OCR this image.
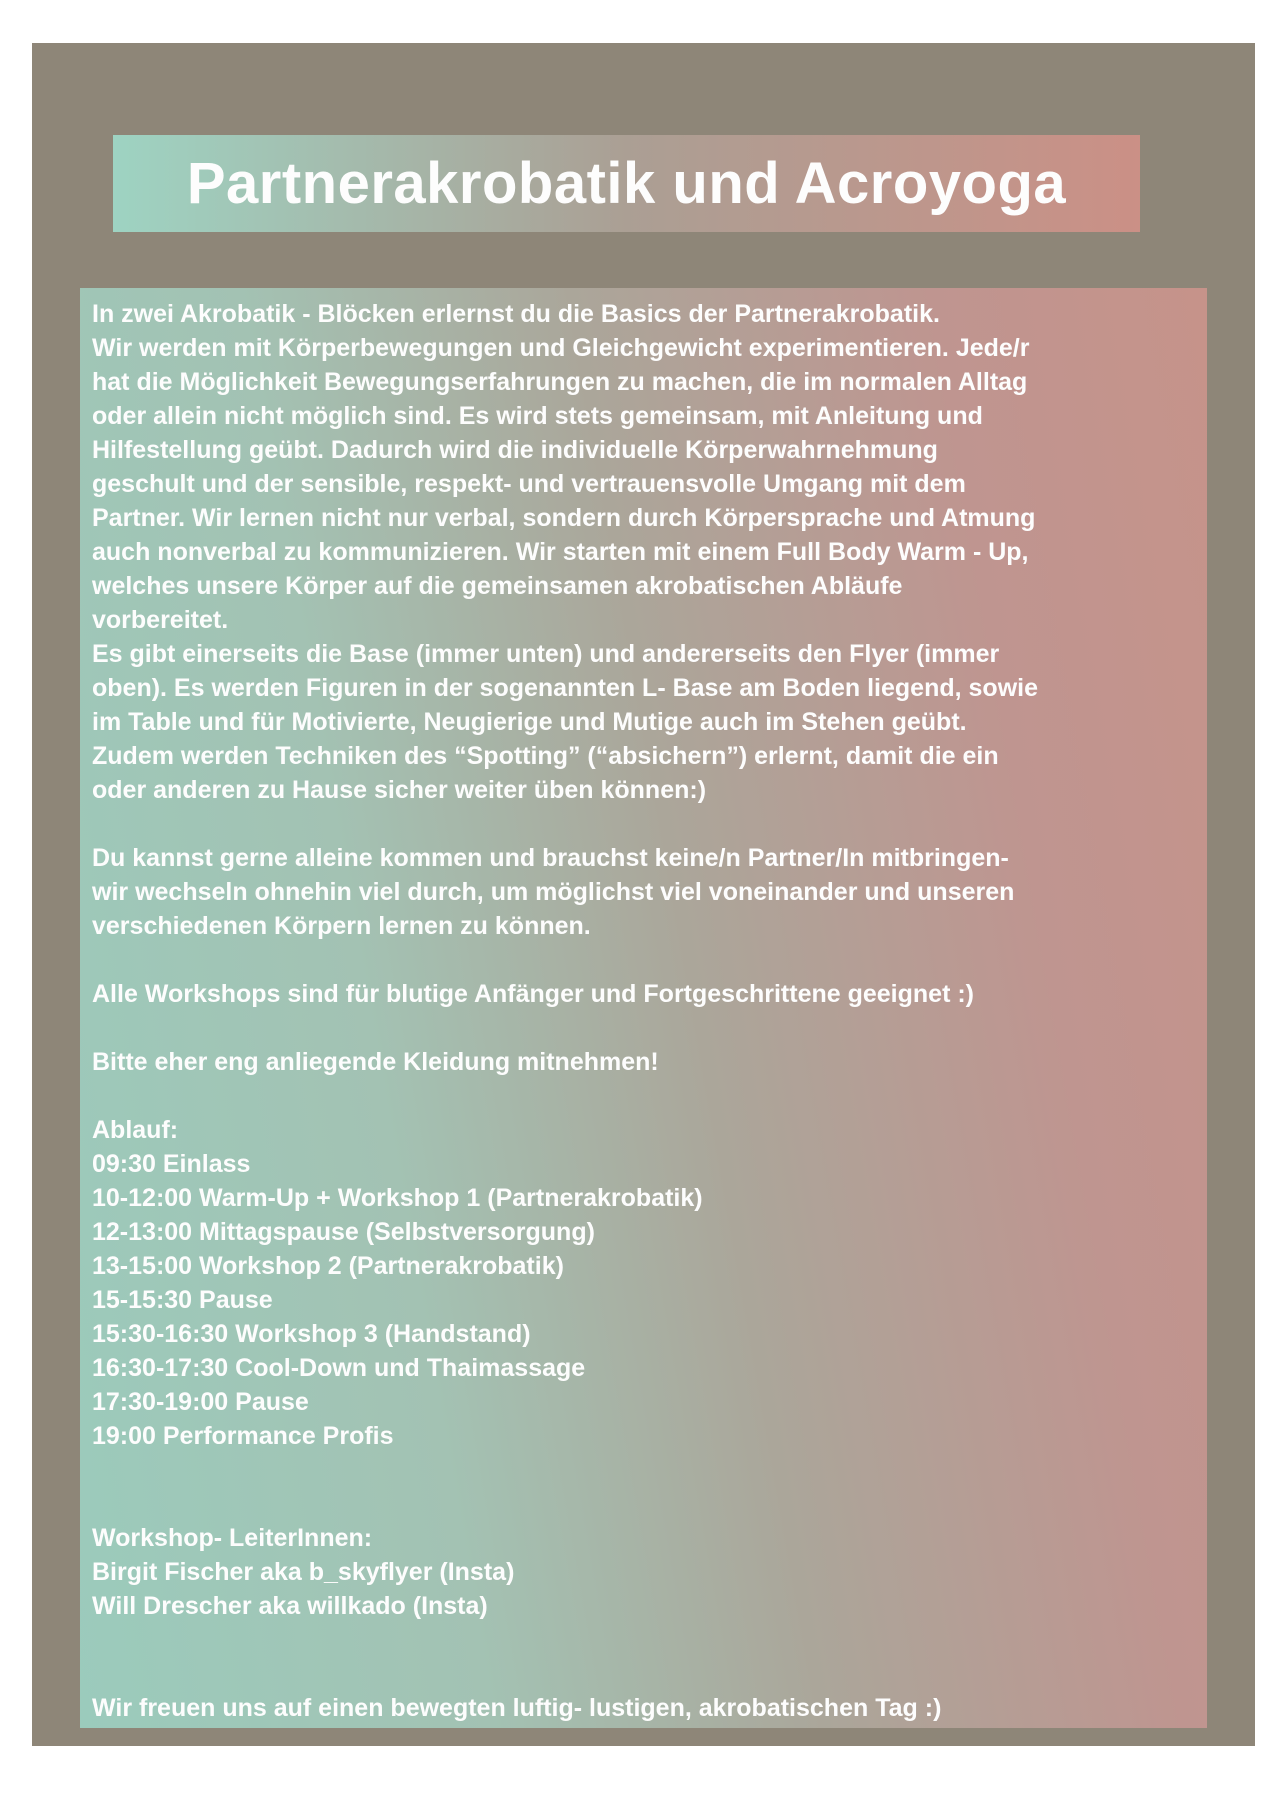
Partnerakrobatik und Acroyoga
In zwei Akrobatik - Blöcken erlernst du die Basics der Partnerakrobatik.
Wir werden mit Körperbewegungen und Gleichgewicht experimentieren. Jede/r
hat die Möglichkeit Bewegungserfahrungen zu machen, die im normalen Alltag
oder allein nicht möglich sind. Es wird stets gemeinsam, mit Anleitung und
Hilfestellung geübt. Dadurch wird die individuelle Körperwahrnehmung
geschult und der sensible, respekt- und vertrauensvolle Umgang mit dem
Partner. Wir lernen nicht nur verbal, sondern durch Körpersprache und Atmung
auch nonverbal zu kommunizieren. Wir starten mit einem Full Body Warm - Up,
welches unsere Körper auf die gemeinsamen akrobatischen Abläufe
vorbereitet.
Es gibt einerseits die Base (immer unten) und andererseits den Flyer (immer
oben). Es werden Figuren in der sogenannten L- Base am Boden liegend, sowie
im Table und für Motivierte, Neugierige und Mutige auch im Stehen geübt.
Zudem werden Techniken des “Spotting” (“absichern”) erlernt, damit die ein
oder anderen zu Hause sicher weiter üben können:)

Du kannst gerne alleine kommen und brauchst keine/n Partner/In mitbringen-
wir wechseln ohnehin viel durch, um möglichst viel voneinander und unseren
verschiedenen Körpern lernen zu können.

Alle Workshops sind für blutige Anfänger und Fortgeschrittene geeignet :)

Bitte eher eng anliegende Kleidung mitnehmen!

Ablauf:
09:30 Einlass
10-12:00 Warm-Up + Workshop 1 (Partnerakrobatik)
12-13:00 Mittagspause (Selbstversorgung)
13-15:00 Workshop 2 (Partnerakrobatik)
15-15:30 Pause
15:30-16:30 Workshop 3 (Handstand)
16:30-17:30 Cool-Down und Thaimassage
17:30-19:00 Pause
19:00 Performance Profis

Workshop- LeiterInnen:
Birgit Fischer aka b_skyflyer (Insta)
Will Drescher aka willkado (Insta)

Wir freuen uns auf einen bewegten luftig- lustigen, akrobatischen Tag :)
